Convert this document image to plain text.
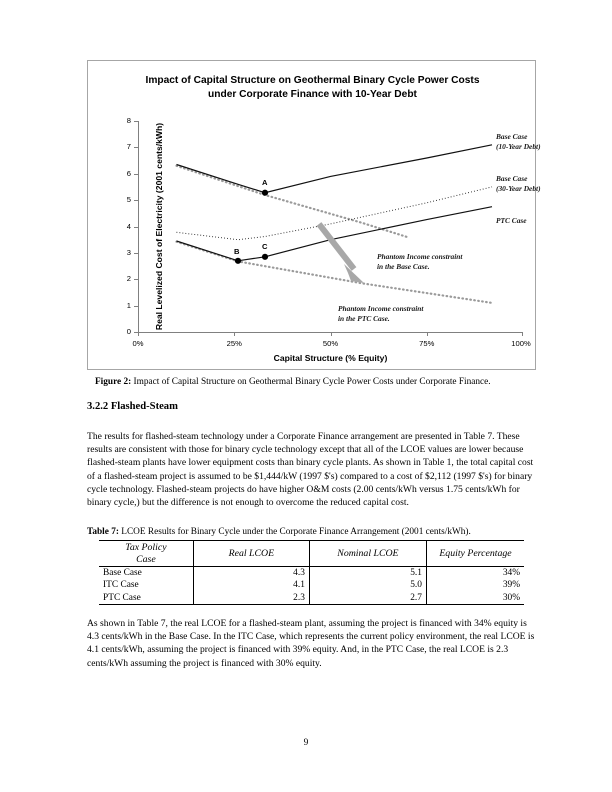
Impact of Capital Structure on Geothermal Binary Cycle Power Costs
under Corporate Finance with 10-Year Debt
Real Levelized Cost of Electricity (2001 cents/kWh)
0
1
2
3
4
5
6
7
8
0%	25%	50%	75%	100%
Capital Structure (% Equity)
A
B
C
Base Case
(10-Year Debt)
Base Case
(30-Year Debt)
PTC Case
Phantom Income constraint
in the Base Case.
Phantom Income constraint
in the PTC Case.
Figure 2: Impact of Capital Structure on Geothermal Binary Cycle Power Costs under Corporate Finance.
3.2.2 Flashed-Steam
The results for flashed-steam technology under a Corporate Finance arrangement are presented in Table 7. These results are consistent with those for binary cycle technology except that all of the LCOE values are lower because flashed-steam plants have lower equipment costs than binary cycle plants. As shown in Table 1, the total capital cost of a flashed-steam project is assumed to be $1,444/kW (1997 $'s) compared to a cost of $2,112 (1997 $'s) for binary cycle technology. Flashed-steam projects do have higher O&M costs (2.00 cents/kWh versus 1.75 cents/kWh for binary cycle,) but the difference is not enough to overcome the reduced capital cost.
Table 7: LCOE Results for Binary Cycle under the Corporate Finance Arrangement (2001 cents/kWh).
Tax Policy
Case	Real LCOE	Nominal LCOE	Equity Percentage
Base Case	4.3	5.1	34%
ITC Case	4.1	5.0	39%
PTC Case	2.3	2.7	30%
As shown in Table 7, the real LCOE for a flashed-steam plant, assuming the project is financed with 34% equity is 4.3 cents/kWh in the Base Case. In the ITC Case, which represents the current policy environment, the real LCOE is 4.1 cents/kWh, assuming the project is financed with 39% equity. And, in the PTC Case, the real LCOE is 2.3 cents/kWh assuming the project is financed with 30% equity.
9
